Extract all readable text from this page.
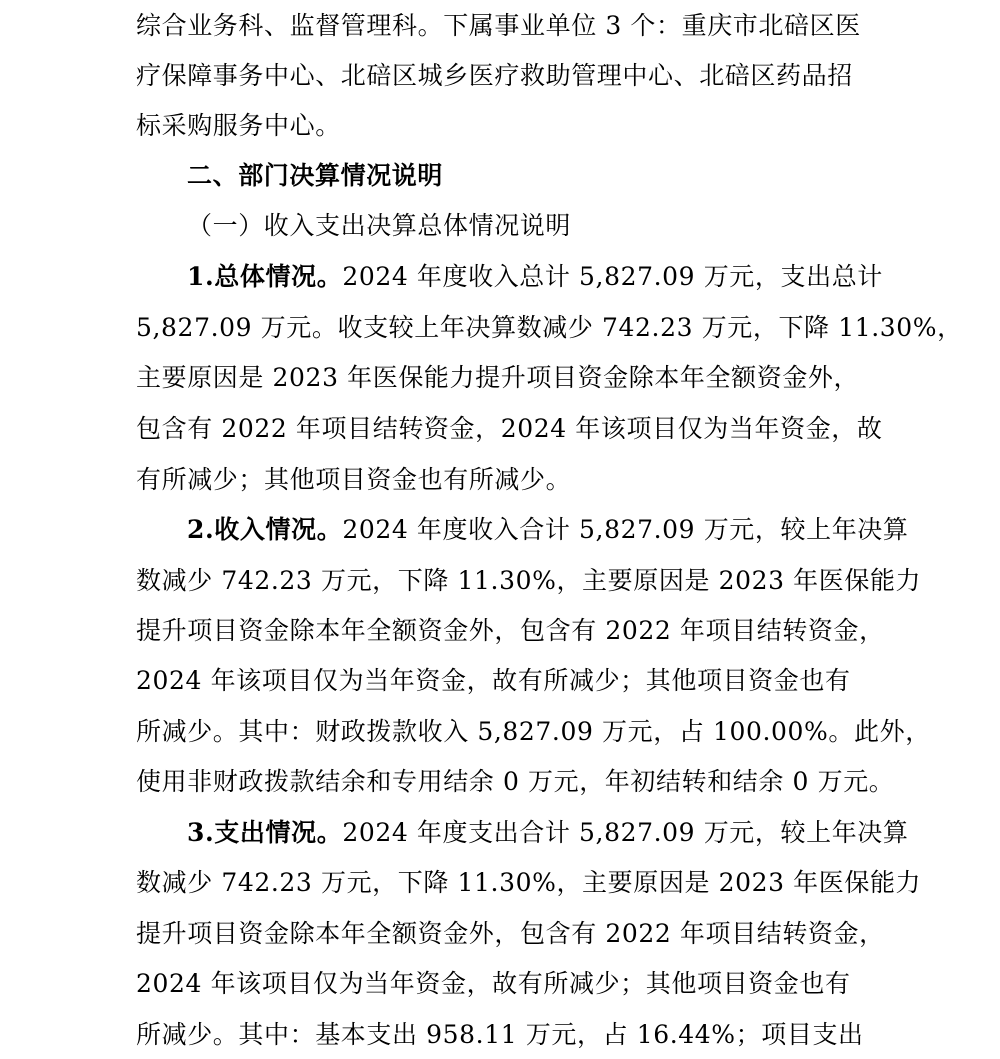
综合业务科、监督管理科。下属事业单位 3 个：重庆市北碚区医
疗保障事务中心、北碚区城乡医疗救助管理中心、北碚区药品招
标采购服务中心。
二、部门决算情况说明
（一）收入支出决算总体情况说明
1.总体情况。2024 年度收入总计 5,827.09 万元，支出总计
5,827.09 万元。收支较上年决算数减少 742.23 万元，下降 11.30%，
主要原因是 2023 年医保能力提升项目资金除本年全额资金外，
包含有 2022 年项目结转资金，2024 年该项目仅为当年资金，故
有所减少；其他项目资金也有所减少。
2.收入情况。2024 年度收入合计 5,827.09 万元，较上年决算
数减少 742.23 万元，下降 11.30%，主要原因是 2023 年医保能力
提升项目资金除本年全额资金外，包含有 2022 年项目结转资金，
2024 年该项目仅为当年资金，故有所减少；其他项目资金也有
所减少。其中：财政拨款收入 5,827.09 万元，占 100.00%。此外，
使用非财政拨款结余和专用结余 0 万元，年初结转和结余 0 万元。
3.支出情况。2024 年度支出合计 5,827.09 万元，较上年决算
数减少 742.23 万元，下降 11.30%，主要原因是 2023 年医保能力
提升项目资金除本年全额资金外，包含有 2022 年项目结转资金，
2024 年该项目仅为当年资金，故有所减少；其他项目资金也有
所减少。其中：基本支出 958.11 万元，占 16.44%；项目支出
